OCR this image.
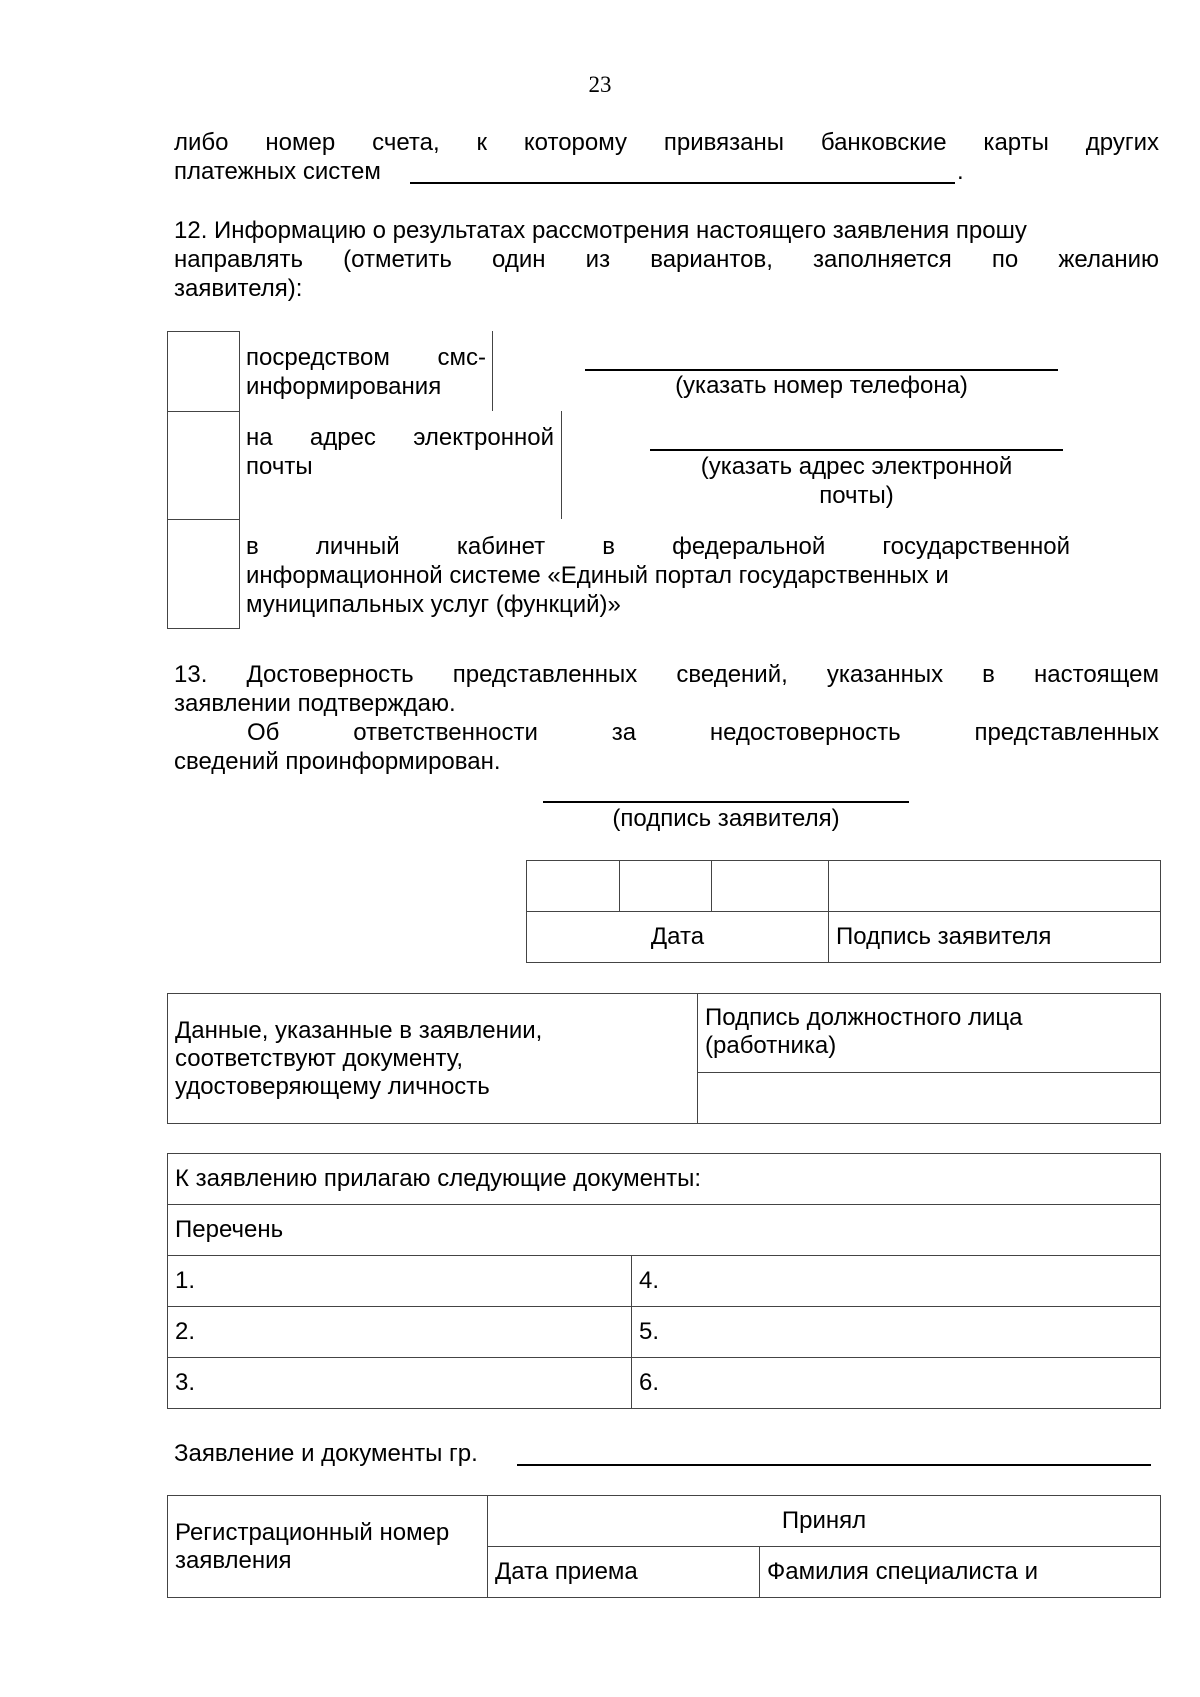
23
либо номер счета, к которому привязаны банковские карты других
платежных систем	.
12. Информацию о результатах рассмотрения настоящего заявления прошу
направлять (отметить один из вариантов, заполняется по желанию
заявителя):
посредством смс-
информирования	(указать номер телефона)
на адрес электронной
почты	(указать адрес электронной
почты)
в личный кабинет в федеральной государственной
информационной системе «Единый портал государственных и
муниципальных услуг (функций)»
13. Достоверность представленных сведений, указанных в настоящем
заявлении подтверждаю.
Об ответственности за недостоверность представленных
сведений проинформирован.
(подпись заявителя)

Дата			Подпись заявителя
Данные, указанные в заявлении,
соответствуют документу,
удостоверяющему личность

Подпись должностного лица
(работника)

К заявлению прилагаю следующие документы:	
Перечень	
1.	4.
2.	5.
3.	6.
Заявление и документы гр.
Регистрационный номер
заявления	Принял	
	Дата приема	Фамилия специалиста и
